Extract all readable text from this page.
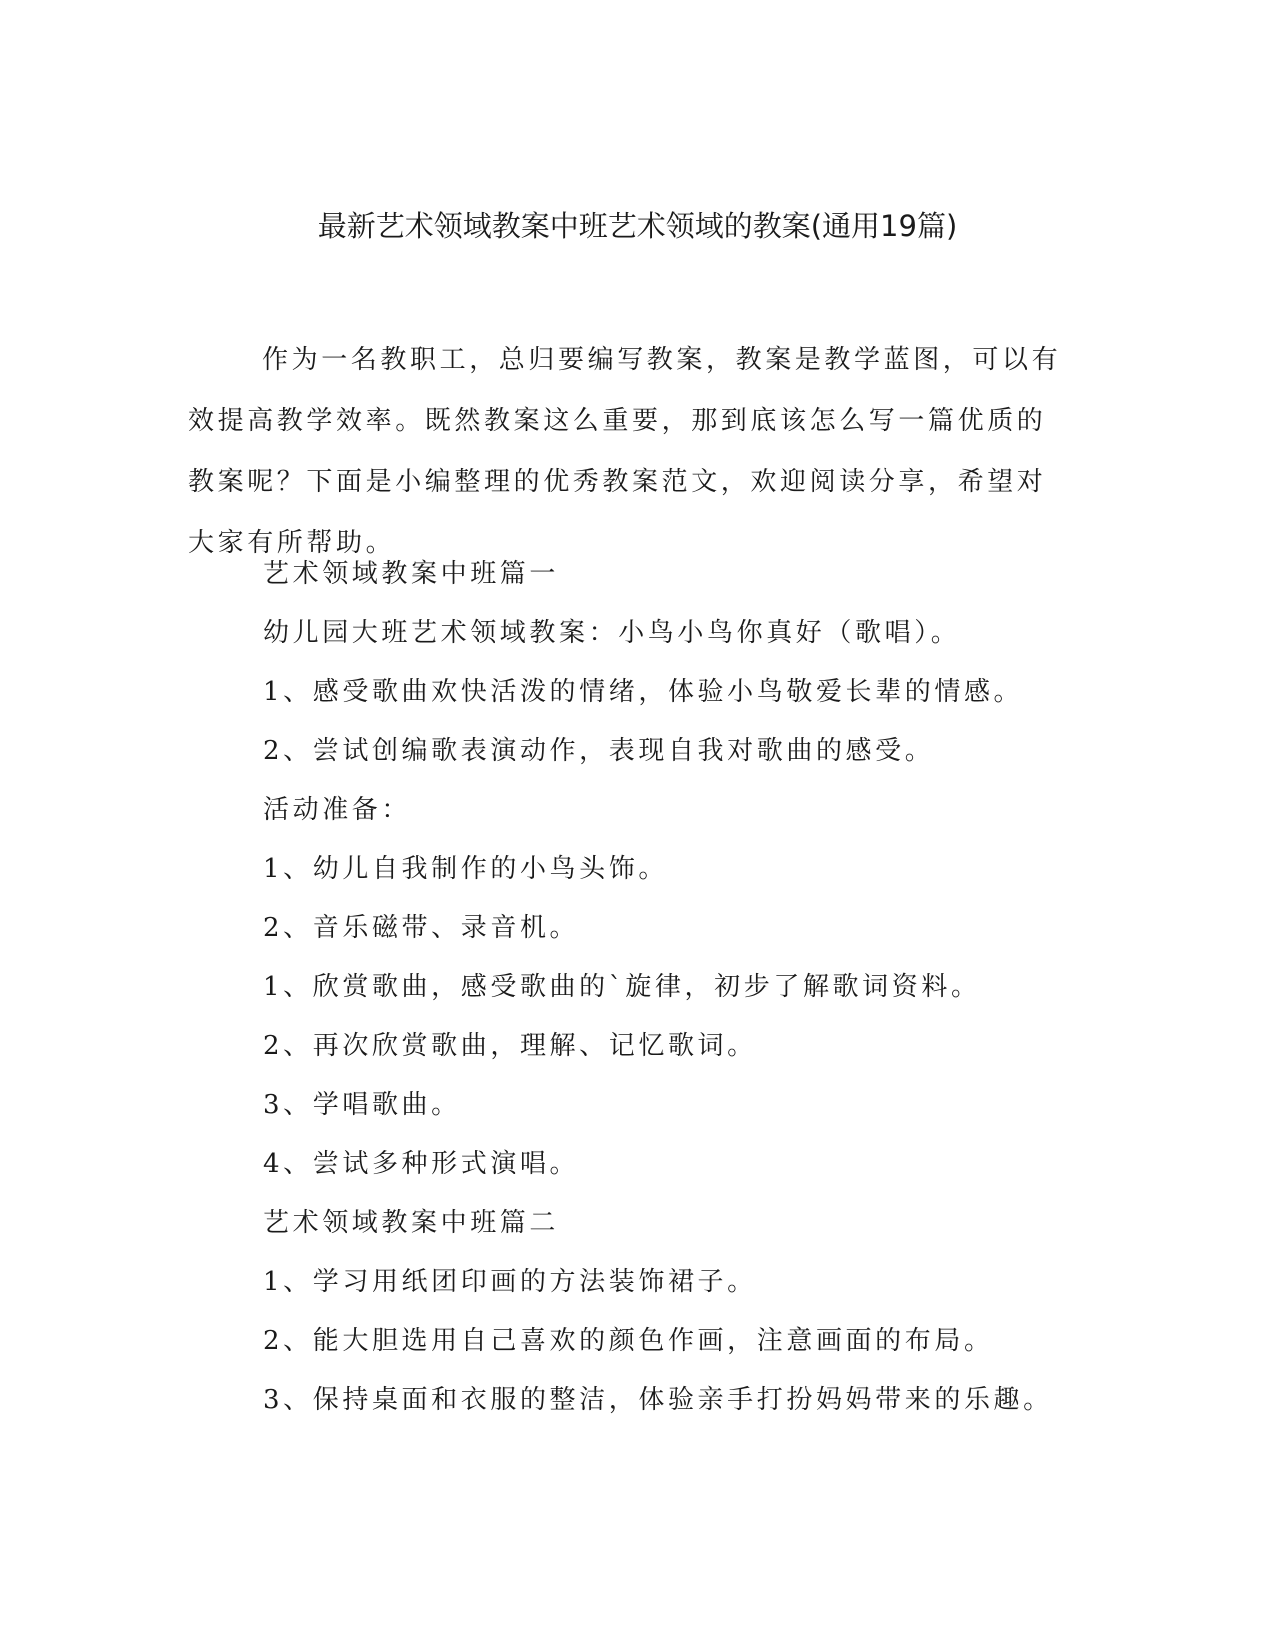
最新艺术领域教案中班艺术领域的教案(通用19篇)

作为一名教职工，总归要编写教案，教案是教学蓝图，可以有效提高教学效率。既然教案这么重要，那到底该怎么写一篇优质的教案呢？下面是小编整理的优秀教案范文，欢迎阅读分享，希望对大家有所帮助。

艺术领域教案中班篇一

幼儿园大班艺术领域教案：小鸟小鸟你真好（歌唱）。

1、感受歌曲欢快活泼的情绪，体验小鸟敬爱长辈的情感。

2、尝试创编歌表演动作，表现自我对歌曲的感受。

活动准备：

1、幼儿自我制作的小鸟头饰。

2、音乐磁带、录音机。

1、欣赏歌曲，感受歌曲的`旋律，初步了解歌词资料。

2、再次欣赏歌曲，理解、记忆歌词。

3、学唱歌曲。

4、尝试多种形式演唱。

艺术领域教案中班篇二

1、学习用纸团印画的方法装饰裙子。

2、能大胆选用自己喜欢的颜色作画，注意画面的布局。

3、保持桌面和衣服的整洁，体验亲手打扮妈妈带来的乐趣。
